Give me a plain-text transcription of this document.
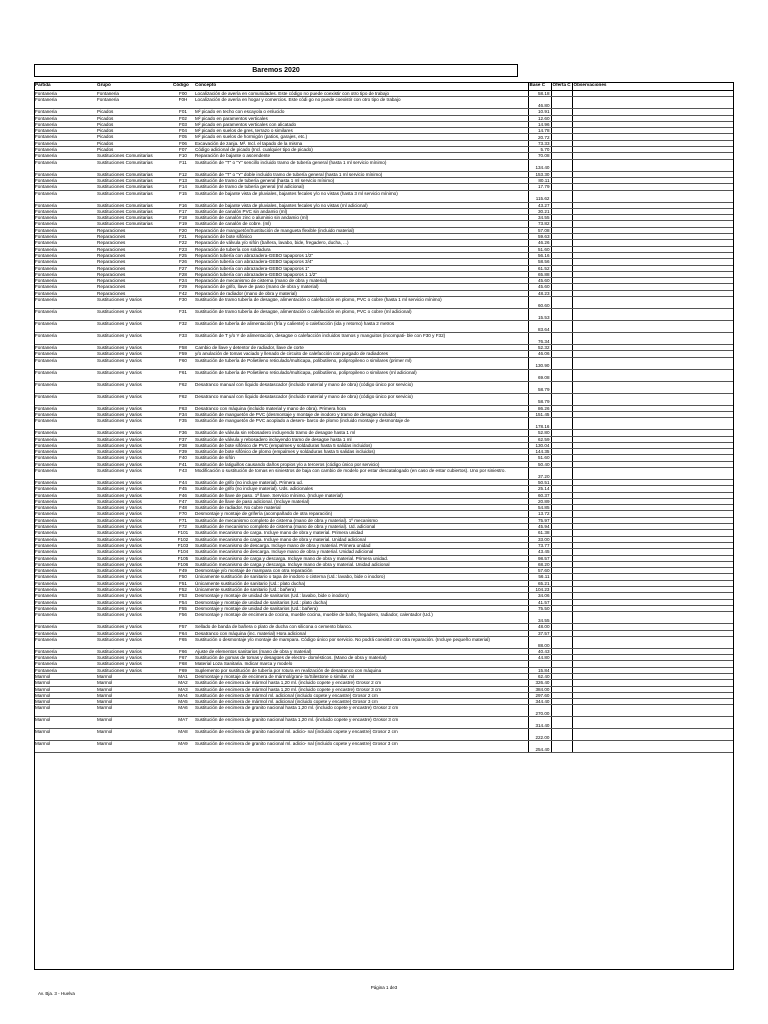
Baremos 2020
Partida	Grupo	Código	Concepto	Base C	Oferta C	Observaciones
Fontaneria	Fontaneria	F00	Localización de avería en comunidades. Este código no puede coexistir con otro tipo de trabajo	58.18		
Fontaneria	Fontaneria	F0H	Localización de avería en hogar y comercios. Este códi go no puede coexistir con otro tipo de trabajo	46.80		
Fontaneria	Picados	F01	M² picado en techo con escayola o enlucido	10.91		
Fontaneria	Picados	F02	M² picado en paramentos verticales	12.60		
Fontaneria	Picados	F03	M² picado en paramentos verticales con alicatado	14.96		
Fontaneria	Picados	F04	M² picado en suelos de gres, terrazo o similares	14.78		
Fontaneria	Picados	F05	M² picado en suelos de hormigón (patios, garajes, etc.)	20.72		
Fontaneria	Picados	F06	Excavación de zanja. M³. Incl. el tapado de la misma	73.33		
Fontaneria	Picados	F07	Código adicional de picado (Incl. cualquier tipo de picado)	5.70		
Fontaneria	Sustituciones Comunitarias	F10	Reparación de bajante o ascendente	70.08		
Fontaneria	Sustituciones Comunitarias	F11	Sustitución de "T" o "Y" sencillo incluido tramo de tubería general (hasta 1 ml servicio mínimo)	134.40		
Fontaneria	Sustituciones Comunitarias	F12	Sustitución de "T" o "Y" doble incluido tramo de tubería general (hasta 1 ml servicio mínimo)	153.30		
Fontaneria	Sustituciones Comunitarias	F13	Sustitución de tramo de tubería general (hasta 1 ml servicio mínimo)	80.11		
Fontaneria	Sustituciones Comunitarias	F14	Sustitución de tramo de tubería general (ml adicional)	17.79		
Fontaneria	Sustituciones Comunitarias	F15	Sustitución de bajante vista de pluviales, bajantes fecales y/o no vistas (hasta 3 ml servicio mínimo)	115.62		
Fontaneria	Sustituciones Comunitarias	F16	Sustitución de bajante vista de pluviales, bajantes fecales y/o no vistas (ml adicional)	43.27		
Fontaneria	Sustituciones Comunitarias	F17	Sustitución de canalón PVC sin andamio (ml)	30.21		
Fontaneria	Sustituciones Comunitarias	F18	Sustitución de canalón zinc o aluminio sin andamio (ml)	34.55		
Fontaneria	Sustituciones Comunitarias	F19	Sustitución de canalón de cobre. (ml)	73.82		
Fontaneria	Reparaciones	F20	Reparación de manguetón/Sustitución de mangueta flexible (incluido material)	57.08		
Fontaneria	Reparaciones	F21	Reparación de bote sifónico	59.63		
Fontaneria	Reparaciones	F22	Reparación de válvula y/o sifón (bañera, lavabo, bide, fregadero, ducha, ...)	46.26		
Fontaneria	Reparaciones	F23	Reparación de tubería con soldadura	51.60		
Fontaneria	Reparaciones	F25	Reparación tubería con abrazadera-GEBO tapaporos 1/2"	56.16		
Fontaneria	Reparaciones	F26	Reparación tubería con abrazadera-GEBO tapaporos 3/4"	58.56		
Fontaneria	Reparaciones	F27	Reparación tubería con abrazadera-GEBO tapaporos 1"	61.52		
Fontaneria	Reparaciones	F28	Reparación tubería con abrazadera-GEBO tapaporos 1 1/2"	65.88		
Fontaneria	Reparaciones	F24	Reparación de mecanismo de cisterna (mano de obra y material)	45.60		
Fontaneria	Reparaciones	F29	Reparación de grifo, llave de paso (mano de obra y material)	45.60		
Fontaneria	Reparaciones	F42	Reparación de radiador (mano de obra y material)	48.23		
Fontaneria	Sustituciones y Varios	F30	Sustitución de tramo tubería de desagüe, alimentación o calefacción en plomo, PVC o cobre (hasta 1 ml servicio mínimo)	60.60		
Fontaneria	Sustituciones y Varios	F31	Sustitución de tramo tubería de desagüe, alimentación o calefacción en plomo, PVC o cobre (ml adicional)	15.53		
Fontaneria	Sustituciones y Varios	F32	Sustitución de tubería de alimentación (fría y caliente) o calefacción (ida y retorno) hasta 2 metros	83.64		
Fontaneria	Sustituciones y Varios	F33	Sustitución de T y/o Y de alimentación, desagüe o calefacción incluidos tramos y manguitos (incompati- ble con F30 y F32)	76.34		
Fontaneria	Sustituciones y Varios	F58	Cambio de llave y detentor de radiador, llave de corte	52.32		
Fontaneria	Sustituciones y Varios	F59	y/o anulación de tomas vaciado y llenado de circuito de calefacción con purgado de radiadores	46.06		
Fontaneria	Sustituciones y Varios	F60	Sustitución de tubería de Polietileno reticulado/multicapa, polibutileno, polipropileno o similares (primer ml)	130.90		
Fontaneria	Sustituciones y Varios	F61	Sustitución de tubería de Polietileno reticulado/multicapa, polibutileno, polipropileno o similares (ml adicional)	69.08		
Fontaneria	Sustituciones y Varios	F62	Desatranco manual con líquido desatascador (incluido material y mano de obra) (código único por servicio)	58.79		
Fontaneria	Sustituciones y Varios	F62	Desatranco manual con líquido desatascador (incluido material y mano de obra) (código único por servicio)	58.79		
Fontaneria	Sustituciones y Varios	F63	Desatranco con máquina (incluido material y mano de obra). Primera hora	86.26		
Fontaneria	Sustituciones y Varios	F34	Sustitución de manguetón de PVC (desmontaje y montaje de inodoro y tramo de desagüe incluido)	151.45		
Fontaneria	Sustituciones y Varios	F35	Sustitución de manguetón de PVC acoplado a desem- barco de plomo (incluido montaje y desmontaje de	178.16		
Fontaneria	Sustituciones y Varios	F36	Sustitución de válvula sin rebosadero incluyendo tramo de desagüe hasta 1 ml	52.80		
Fontaneria	Sustituciones y Varios	F37	Sustitución de válvula y rebosadero incluyendo tramo de desagüe hasta 1 ml	62.59		
Fontaneria	Sustituciones y Varios	F38	Sustitución de bote sifónico de PVC (empalmes y soldaduras hasta 5 salidas incluidos)	130.04		
Fontaneria	Sustituciones y Varios	F39	Sustitución de bote sifónico de plomo (empalmes y soldaduras hasta 5 salidas incluidos)	144.35		
Fontaneria	Sustituciones y Varios	F40	Sustitución de sifón	51.60		
Fontaneria	Sustituciones y Varios	F41	Sustitución de latiguillos causando daños propios y/o a terceros (código único por servicio)	50.40		
Fontaneria	Sustituciones y Varios	F43	Modificación o sustitución de tomas en siniestros de baja con cambio de modelo por estar descatalogado (en caso de estar cubiertos). Uno por siniestro.	37.20		
Fontaneria	Sustituciones y Varios	F44	Sustitución de grifo (no incluye material). Primera ud.	50.51		
Fontaneria	Sustituciones y Varios	F45	Sustitución de grifo (no incluye material). Uds. adicionales	25.14		
Fontaneria	Sustituciones y Varios	F46	Sustitución de llave de paso. 1ª llave. Servicio mínimo. (Incluye material)	60.37		
Fontaneria	Sustituciones y Varios	F47	Sustitución de llave de paso adicional. (Incluye material)	20.89		
Fontaneria	Sustituciones y Varios	F48	Sustitución de radiador. No cubre material	54.85		
Fontaneria	Sustituciones y Varios	F70	Desmontaje y montaje de grifería (acompañado de otra reparación)	13.72		
Fontaneria	Sustituciones y Varios	F71	Sustitución de mecanismo completo de cisterna (mano de obra y material). 1º mecanismo	75.97		
Fontaneria	Sustituciones y Varios	F72	Sustitución de mecanismo completo de cisterna (mano de obra y material). Ud. adicional	45.94		
Fontaneria	Sustituciones y Varios	F101	Sustitución mecanismo de carga. Incluye mano de obra y material. Primera unidad	61.38		
Fontaneria	Sustituciones y Varios	F102	Sustitución mecanismo de carga. Incluye mano de obra y material. Unidad adicional	33.00		
Fontaneria	Sustituciones y Varios	F103	Sustitución mecanismo de descarga. Incluye mano de obra y material. Primera unidad	73.77		
Fontaneria	Sustituciones y Varios	F104	Sustitución mecanismo de descarga. Incluye mano de obra y material. Unidad adicional	43.45		
Fontaneria	Sustituciones y Varios	F105	Sustitución mecanismo de carga y descarga. Incluye mano de obra y material. Primera unidad.	98.57		
Fontaneria	Sustituciones y Varios	F106	Sustitución mecanismo de carga y descarga. Incluye mano de obra y material. Unidad adicional	68.20		
Fontaneria	Sustituciones y Varios	F49	Desmontaje y/o montaje de mampara con otra reparación	57.60		
Fontaneria	Sustituciones y Varios	F50	Únicamente sustitución de sanitario o tapa de inodoro o cisterna (Ud.: lavabo, bide o inodoro)	56.11		
Fontaneria	Sustituciones y Varios	F51	Únicamente sustitución de sanitario (Ud.: plato ducha)	65.21		
Fontaneria	Sustituciones y Varios	F52	Únicamente sustitución de sanitario (Ud.: bañera)	104.23		
Fontaneria	Sustituciones y Varios	F53	Desmontaje y montaje de unidad de sanitarios (Ud.: lavabo, bide o inodoro)	34.06		
Fontaneria	Sustituciones y Varios	F54	Desmontaje y montaje de unidad de sanitarios (Ud.: plato ducha)	41.57		
Fontaneria	Sustituciones y Varios	F55	Desmontaje y montaje de unidad de sanitarios (Ud.: bañera)	75.50		
Fontaneria	Sustituciones y Varios	F56	Desmontaje y montaje de encimera de cocina, mueble cocina, mueble de baño, fregadero, radiador, calentador (Ud.)	34.55		
Fontaneria	Sustituciones y Varios	F57	Sellado de banda de bañera o plato de ducha con silicona o cemento blanco.	48.00		
Fontaneria	Sustituciones y Varios	F64	Desatranco con máquina (inc. material) Hora adicional	37.57		
Fontaneria	Sustituciones y Varios	F65	Sustitución o desmontaje y/o montaje de mampara. Código único por servicio. No podrá coexistir con otra reparación. (Incluye pequeño material)	88.00		
Fontaneria	Sustituciones y Varios	F66	Ajuste de elementos sanitarios (mano de obra y material)	40.43		
Fontaneria	Sustituciones y Varios	F67	Sustitución de gomas de tomas y desagües de electro- domésticos. (Mano de obra y material)	44.80		
Fontaneria	Sustituciones y Varios	F68	Material Loza Sanitaria. Indicar marca y modelo			
Fontaneria	Sustituciones y Varios	F69	Suplemento por sustitución de tubería por rotura en realización de desatranco con máquina	15.84		
Marmol	Marmol	MA1	Desmontaje y montaje de encimera de mármol/grani- to/Silestone o similar. ml	62.40		
Marmol	Marmol	MA2	Sustitución de encimera de mármol hasta 1,20 ml. (incluido copete y encastre) Grosor 2 cm	326.40		
Marmol	Marmol	MA3	Sustitución de encimera de mármol hasta 1,20 ml. (incluido copete y encastre) Grosor 3 cm	384.00		
Marmol	Marmol	MA4	Sustitución de encimera de mármol ml. adicional (incluido copete y encastre) Grosor 2 cm	297.60		
Marmol	Marmol	MA5	Sustitución de encimera de mármol ml. adicional (incluido copete y encastre) Grosor 3 cm	344.40		
Marmol	Marmol	MA6	Sustitución de encimera de granito nacional hasta 1,20 ml. (incluido copete y encastre) Grosor 2 cm	270.00		
Marmol	Marmol	MA7	Sustitución de encimera de granito nacional hasta 1,20 ml. (incluido copete y encastre) Grosor 3 cm	314.40		
Marmol	Marmol	MA8	Sustitución de encimera de granito nacional ml. adicio- nal (incluido copete y encastre) Grosor 2 cm	222.00		
Marmol	Marmol	MA9	Sustitución de encimera de granito nacional ml. adicio- nal (incluido copete y encastre) Grosor 3 cm	254.40		
Av. Bja. 3 - Huelva
Página 1 de3
